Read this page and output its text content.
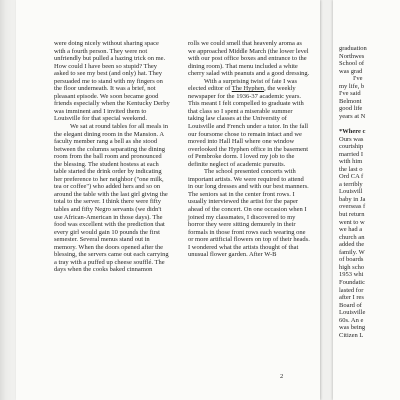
were doing nicely without sharing space with a fourth person. They were not unfriendly but pulled a hazing trick on me. How could I have been so stupid? They asked to see my best (and only) hat. They persuaded me to stand with my fingers on the floor underneath. It was a brief, not pleasant episode. We soon became good friends especially when the Kentucky Derby was imminent and I invited them to Louisville for that special weekend.

We sat at round tables for all meals in the elegant dining room in the Mansion. A faculty member rang a bell as she stood between the columns separating the dining room from the ball room and pronounced the blessing. The student hostess at each table started the drink order by indicating her preference to her neighbor ("one milk, tea or coffee") who added hers and so on around the table with the last girl giving the total to the server. I think there were fifty tables and fifty Negro servants (we didn't use African-American in those days). The food was excellent with the prediction that every girl would gain 10 pounds the first semester. Several menus stand out in memory. When the doors opened after the blessing, the servers came out each carrying a tray with a puffed up cheese soufflé. The days when the cooks baked cinnamon

rolls we could smell that heavenly aroma as we approached Middle March (the lower level with our post office boxes and entrance to the dining room). That menu included a white cherry salad with peanuts and a good dressing.

With a surprising twist of fate I was elected editor of The Hyphen, the weekly newspaper for the 1936-37 academic years. This meant I felt compelled to graduate with that class so I spent a miserable summer taking law classes at the University of Louisville and French under a tutor. In the fall our foursome chose to remain intact and we moved into Hall Hall where one window overlooked the Hyphen office in the basement of Pembroke dorm. I loved my job to the definite neglect of academic pursuits.

The school presented concerts with important artists. We were required to attend in our long dresses and with our best manners. The seniors sat in the center front rows. I usually interviewed the artist for the paper ahead of the concert. On one occasion when I joined my classmates, I discovered to my horror they were sitting demurely in their formals in those front rows each wearing one or more artificial flowers on top of their heads. I wondered what the artists thought of that unusual flower garden. After W-B

2
graduation
Northwes
School of
was grad
I've
my life, b
I've said
Belmont
good life
years at N

*Where c
Ours was
courtship
married I
with him
the last o
Ord CA f
a terribly
Louisvill
baby in Ja
overseas f
but return
went to w
we had a
church an
added the
family. W
of boards
high scho
1953 whi
Foundatic
lasted for
after I res
Board of
Louisville
60s. An e
was being
Citizen L
